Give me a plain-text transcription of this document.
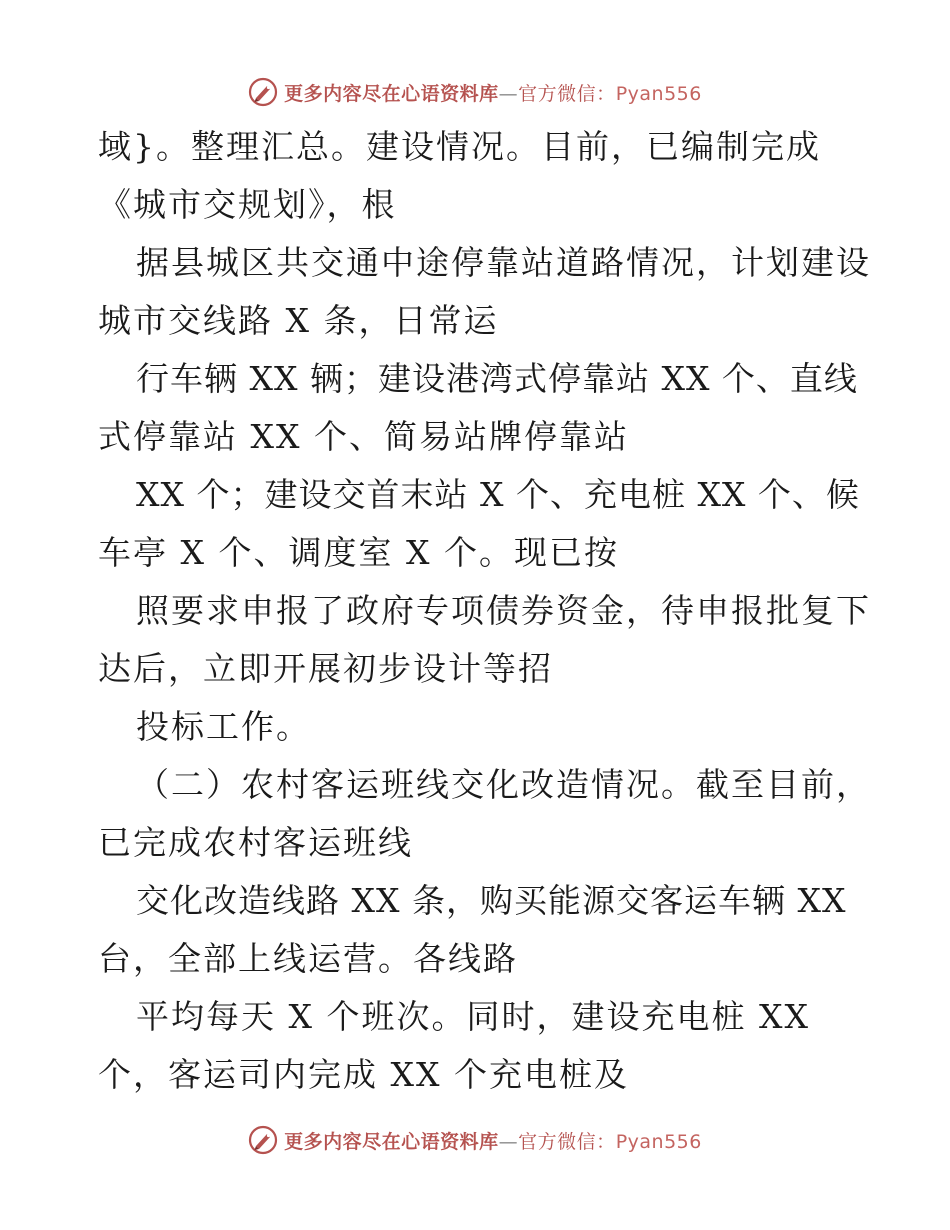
更多内容尽在心语资料库—官方微信：Pyan556
域}。整理汇总。建设情况。目前，已编制完成
《城市交规划》，根
据县城区共交通中途停靠站道路情况，计划建设
城市交线路 X 条，日常运
行车辆 XX 辆；建设港湾式停靠站 XX 个、直线
式停靠站 XX 个、简易站牌停靠站
XX 个；建设交首末站 X 个、充电桩 XX 个、候
车亭 X 个、调度室 X 个。现已按
照要求申报了政府专项债券资金，待申报批复下
达后，立即开展初步设计等招
投标工作。
（二）农村客运班线交化改造情况。截至目前，
已完成农村客运班线
交化改造线路 XX 条，购买能源交客运车辆 XX
台，全部上线运营。各线路
平均每天 X 个班次。同时，建设充电桩 XX
个，客运司内完成 XX 个充电桩及
更多内容尽在心语资料库—官方微信：Pyan556
